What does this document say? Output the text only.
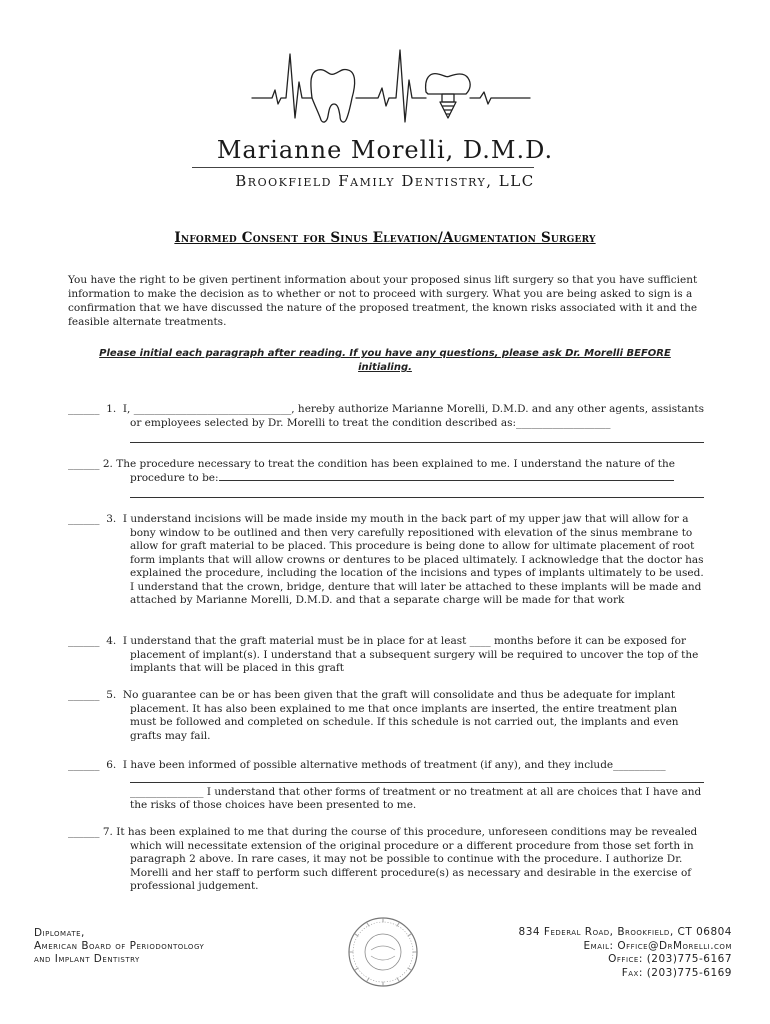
Marianne Morelli, D.M.D.
Brookfield Family Dentistry, LLC
Informed Consent for Sinus Elevation/Augmentation Surgery
You have the right to be given pertinent information about your proposed sinus lift surgery so that you have sufficient information to make the decision as to whether or not to proceed with surgery. What you are being asked to sign is a confirmation that we have discussed the nature of the proposed treatment, the known risks associated with it and the feasible alternate treatments.
Please initial each paragraph after reading. If you have any questions, please ask Dr. Morelli BEFORE initialing.
______ 1. I, ______________________________, hereby authorize Marianne Morelli, D.M.D. and any other agents, assistants or employees selected by Dr. Morelli to treat the condition described as:__________________
______ 2. The procedure necessary to treat the condition has been explained to me. I understand the nature of the procedure to be:
______ 3. I understand incisions will be made inside my mouth in the back part of my upper jaw that will allow for a bony window to be outlined and then very carefully repositioned with elevation of the sinus membrane to allow for graft material to be placed. This procedure is being done to allow for ultimate placement of root form implants that will allow crowns or dentures to be placed ultimately. I acknowledge that the doctor has explained the procedure, including the location of the incisions and types of implants ultimately to be used. I understand that the crown, bridge, denture that will later be attached to these implants will be made and attached by Marianne Morelli, D.M.D. and that a separate charge will be made for that work
______ 4. I understand that the graft material must be in place for at least ____ months before it can be exposed for placement of implant(s). I understand that a subsequent surgery will be required to uncover the top of the implants that will be placed in this graft
______ 5. No guarantee can be or has been given that the graft will consolidate and thus be adequate for implant placement. It has also been explained to me that once implants are inserted, the entire treatment plan must be followed and completed on schedule. If this schedule is not carried out, the implants and even grafts may fail.
______ 6. I have been informed of possible alternative methods of treatment (if any), and they include__________
______________ I understand that other forms of treatment or no treatment at all are choices that I have and the risks of those choices have been presented to me.
______ 7. It has been explained to me that during the course of this procedure, unforeseen conditions may be revealed which will necessitate extension of the original procedure or a different procedure from those set forth in paragraph 2 above. In rare cases, it may not be possible to continue with the procedure. I authorize Dr. Morelli and her staff to perform such different procedure(s) as necessary and desirable in the exercise of professional judgement.
Diplomate,
American Board of Periodontology
and Implant Dentistry
834 Federal Road, Brookfield, CT 06804
Email: Office@DrMorelli.com
Office: (203)775-6167
Fax: (203)775-6169
